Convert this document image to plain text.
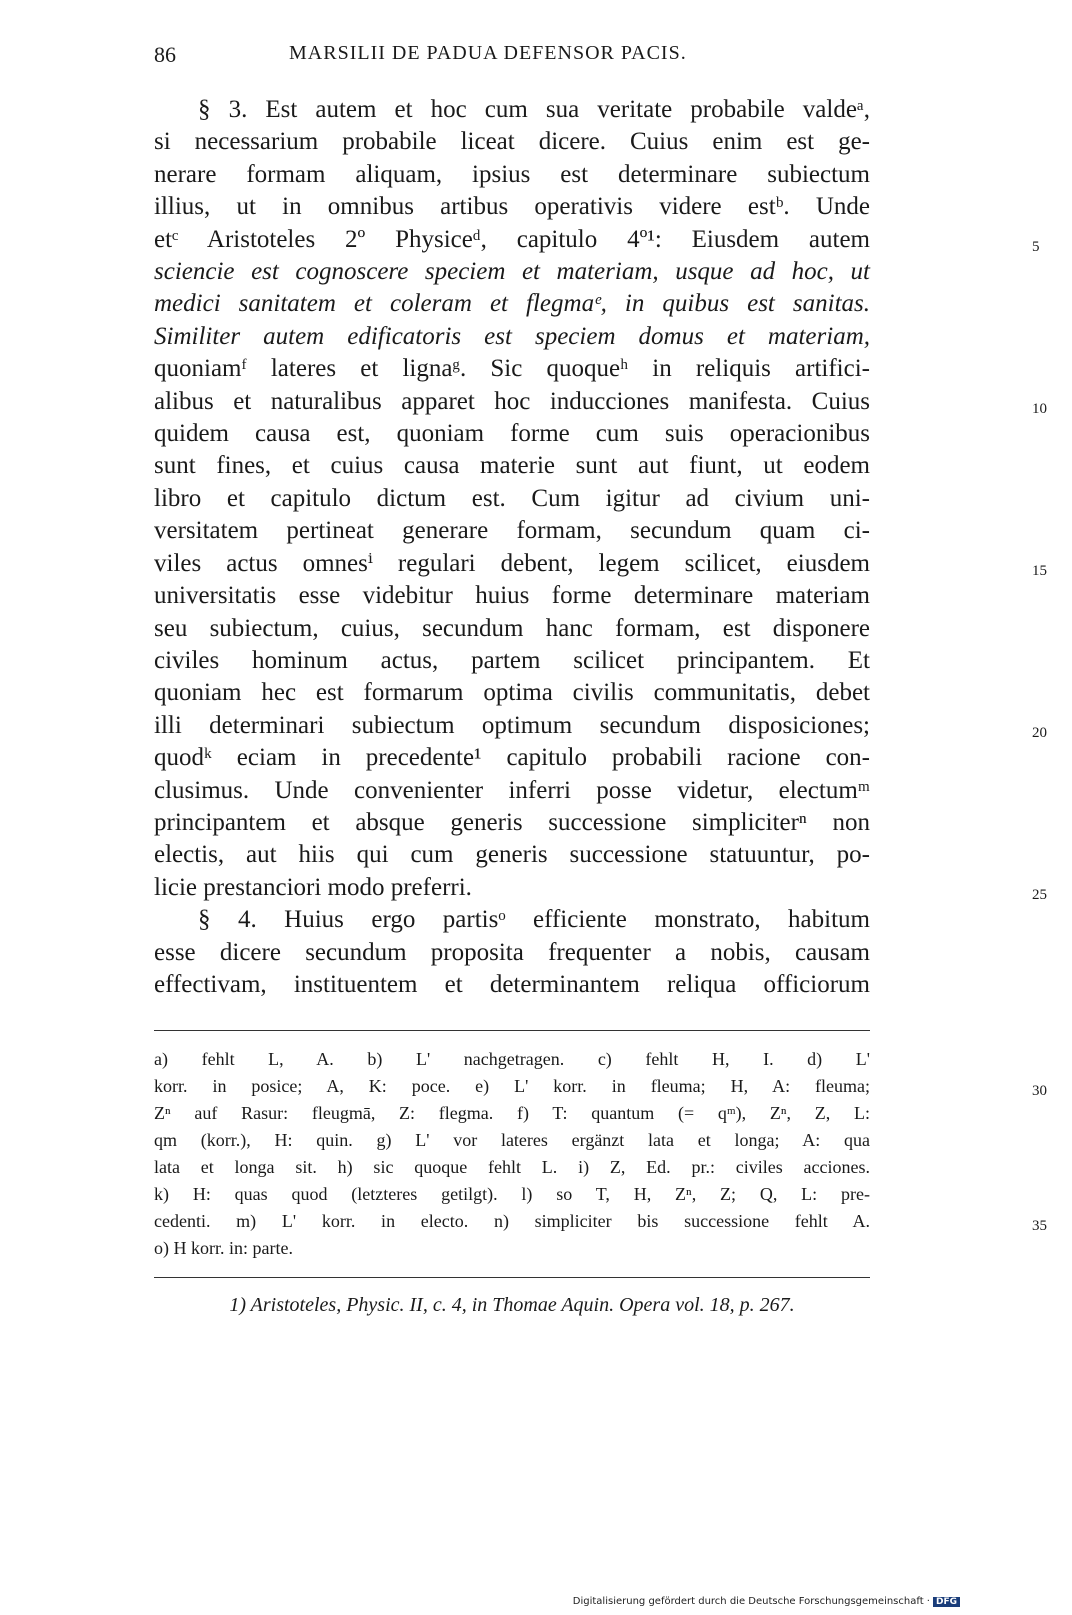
86	MARSILII DE PADUA DEFENSOR PACIS.
§ 3. Est autem et hoc cum sua veritate probabile valdeᵃ,
si necessarium probabile liceat dicere. Cuius enim est ge-
nerare formam aliquam, ipsius est determinare subiectum
illius, ut in omnibus artibus operativis videre estᵇ. Unde
etᶜ Aristoteles 2º Physiceᵈ, capitulo 4º¹: Eiusdem autem
sciencie est cognoscere speciem et materiam, usque ad hoc, ut
medici sanitatem et coleram et flegmaᵉ, in quibus est sanitas.
Similiter autem edificatoris est speciem domus et materiam,
quoniamᶠ lateres et lignaᵍ. Sic quoqueʰ in reliquis artifici-
alibus et naturalibus apparet hoc inducciones manifesta. Cuius
quidem causa est, quoniam forme cum suis operacionibus
sunt fines, et cuius causa materie sunt aut fiunt, ut eodem
libro et capitulo dictum est. Cum igitur ad civium uni-
versitatem pertineat generare formam, secundum quam ci-
viles actus omnesⁱ regulari debent, legem scilicet, eiusdem
universitatis esse videbitur huius forme determinare materiam
seu subiectum, cuius, secundum hanc formam, est disponere
civiles hominum actus, partem scilicet principantem. Et
quoniam hec est formarum optima civilis communitatis, debet
illi determinari subiectum optimum secundum disposiciones;
quodᵏ eciam in precedente¹ capitulo probabili racione con-
clusimus. Unde convenienter inferri posse videtur, electumᵐ
principantem et absque generis successione simpliciterⁿ non
electis, aut hiis qui cum generis successione statuuntur, po-
licie prestanciori modo preferri.
§ 4. Huius ergo partisᵒ efficiente monstrato, habitum
esse dicere secundum proposita frequenter a nobis, causam
effectivam, instituentem et determinantem reliqua officiorum
5
10
15
20
25
a) fehlt L, A. b) L' nachgetragen. c) fehlt H, I. d) L'
korr. in posice; A, K: poce. e) L' korr. in fleuma; H, A: fleuma;
Zⁿ auf Rasur: fleugmā, Z: flegma. f) T: quantum (= qᵐ), Zⁿ, Z, L:
qm (korr.), H: quin. g) L' vor lateres ergänzt lata et longa; A: qua
lata et longa sit. h) sic quoque fehlt L. i) Z, Ed. pr.: civiles acciones.
k) H: quas quod (letzteres getilgt). l) so T, H, Zⁿ, Z; Q, L: pre-
cedenti. m) L' korr. in electo. n) simpliciter bis successione fehlt A.
o) H korr. in: parte.
30
35
1) Aristoteles, Physic. II, c. 4, in Thomae Aquin. Opera vol. 18, p. 267.
Digitalisierung gefördert durch die Deutsche Forschungsgemeinschaft · DFG
